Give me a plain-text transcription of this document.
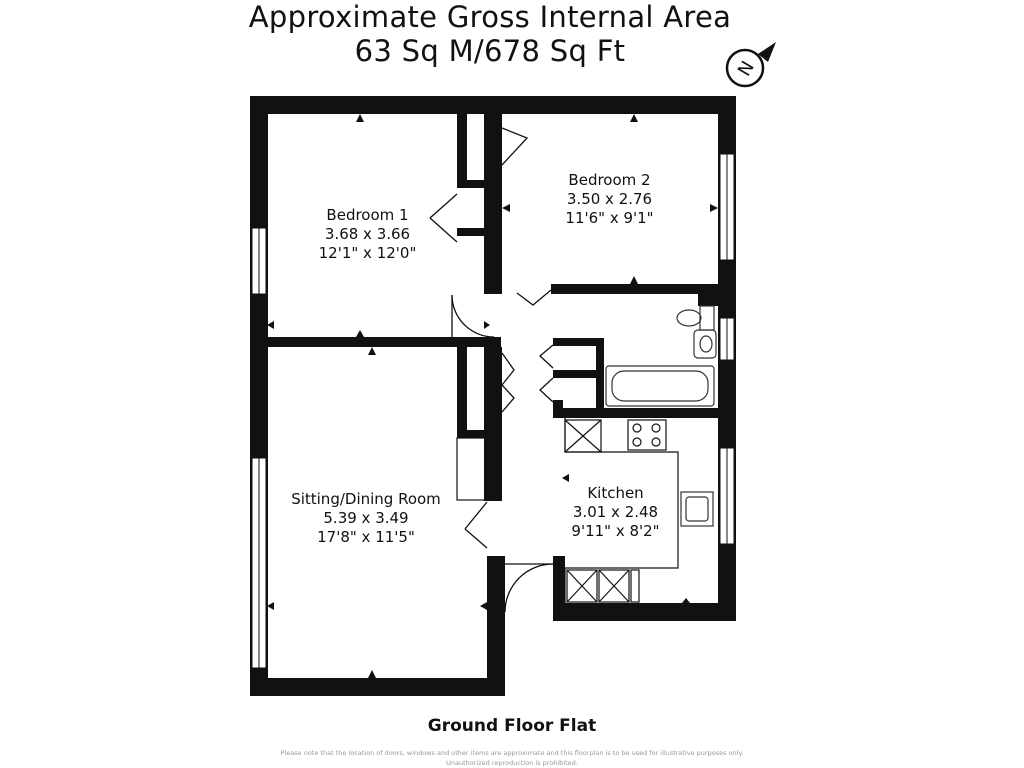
Approximate Gross Internal Area
63 Sq M/678 Sq Ft
N
Bedroom 1
3.68 x 3.66
12'1" x 12'0"
Bedroom 2
3.50 x 2.76
11'6" x 9'1"
Sitting/Dining Room
5.39 x 3.49
17'8" x 11'5"
Kitchen
3.01 x 2.48
9'11" x 8'2"
Ground Floor Flat
Please note that the location of doors, windows and other items are approximate and this floorplan is to be used for illustrative purposes only. Unauthorized reproduction is prohibited.
